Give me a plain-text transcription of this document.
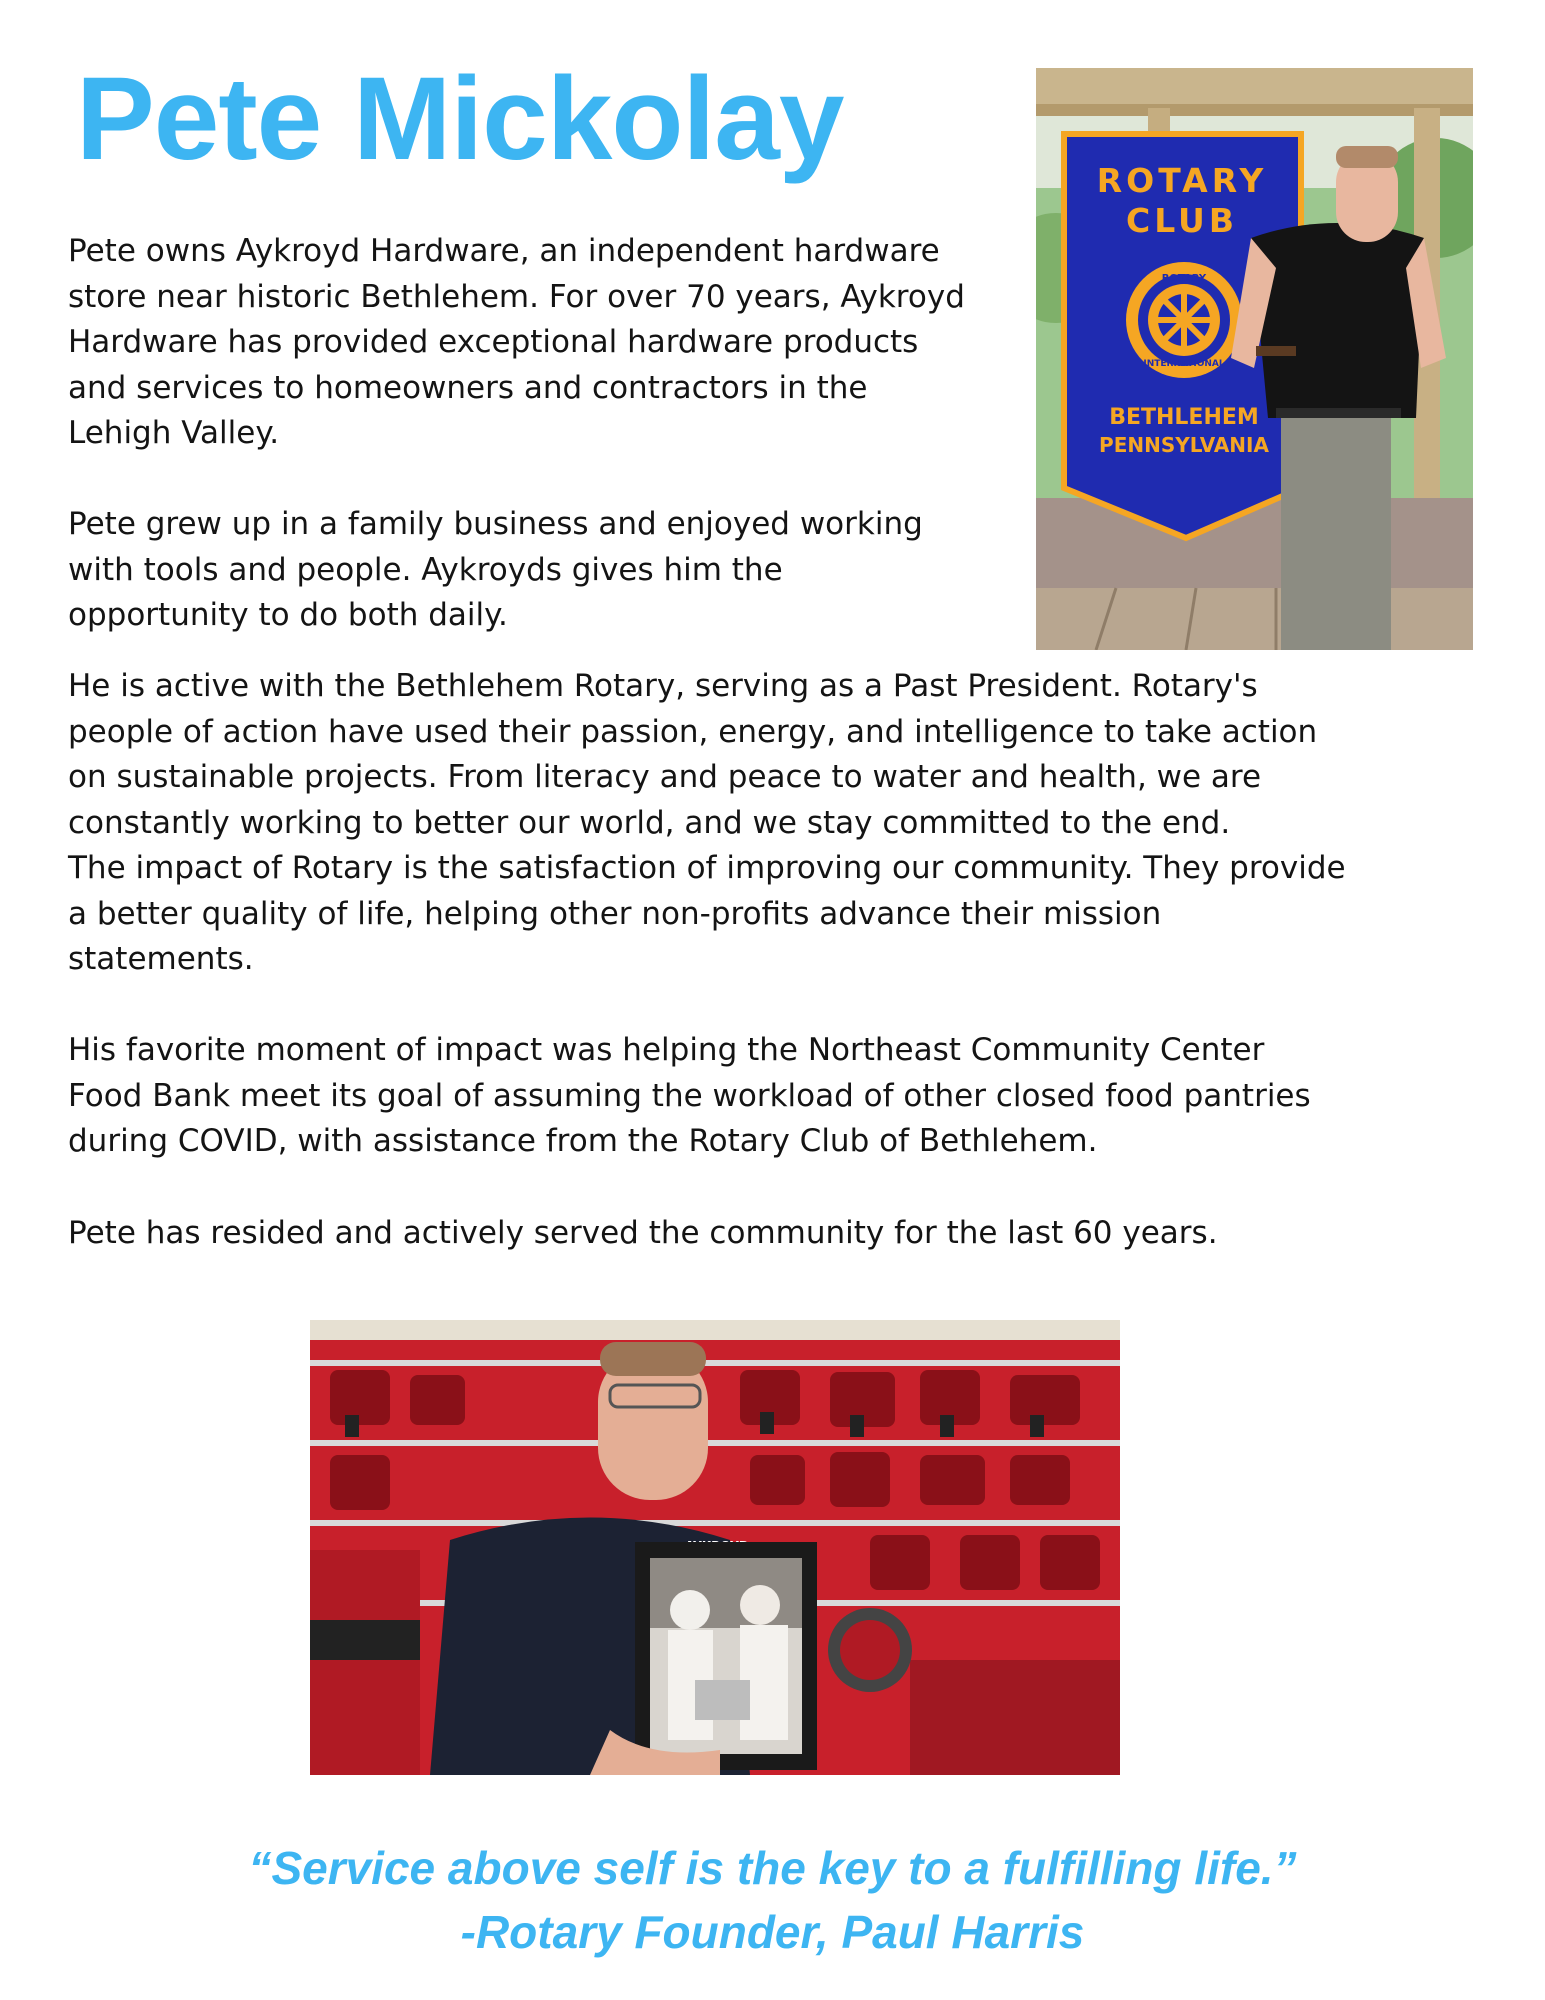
Pete Mickolay

Pete owns Aykroyd Hardware, an independent hardware
store near historic Bethlehem. For over 70 years, Aykroyd
Hardware has provided exceptional hardware products
and services to homeowners and contractors in the
Lehigh Valley.

Pete grew up in a family business and enjoyed working
with tools and people. Aykroyds gives him the
opportunity to do both daily.

He is active with the Bethlehem Rotary, serving as a Past President. Rotary's
people of action have used their passion, energy, and intelligence to take action
on sustainable projects. From literacy and peace to water and health, we are
constantly working to better our world, and we stay committed to the end.
The impact of Rotary is the satisfaction of improving our community. They provide
a better quality of life, helping other non-profits advance their mission
statements.

His favorite moment of impact was helping the Northeast Community Center
Food Bank meet its goal of assuming the workload of other closed food pantries
during COVID, with assistance from the Rotary Club of Bethlehem.

Pete has resided and actively served the community for the last 60 years.

ROTARY
CLUB
ROTARY
INTERNATIONAL
BETHLEHEM
PENNSYLVANIA

“Service above self is the key to a fulfilling life.”

-Rotary Founder, Paul Harris
